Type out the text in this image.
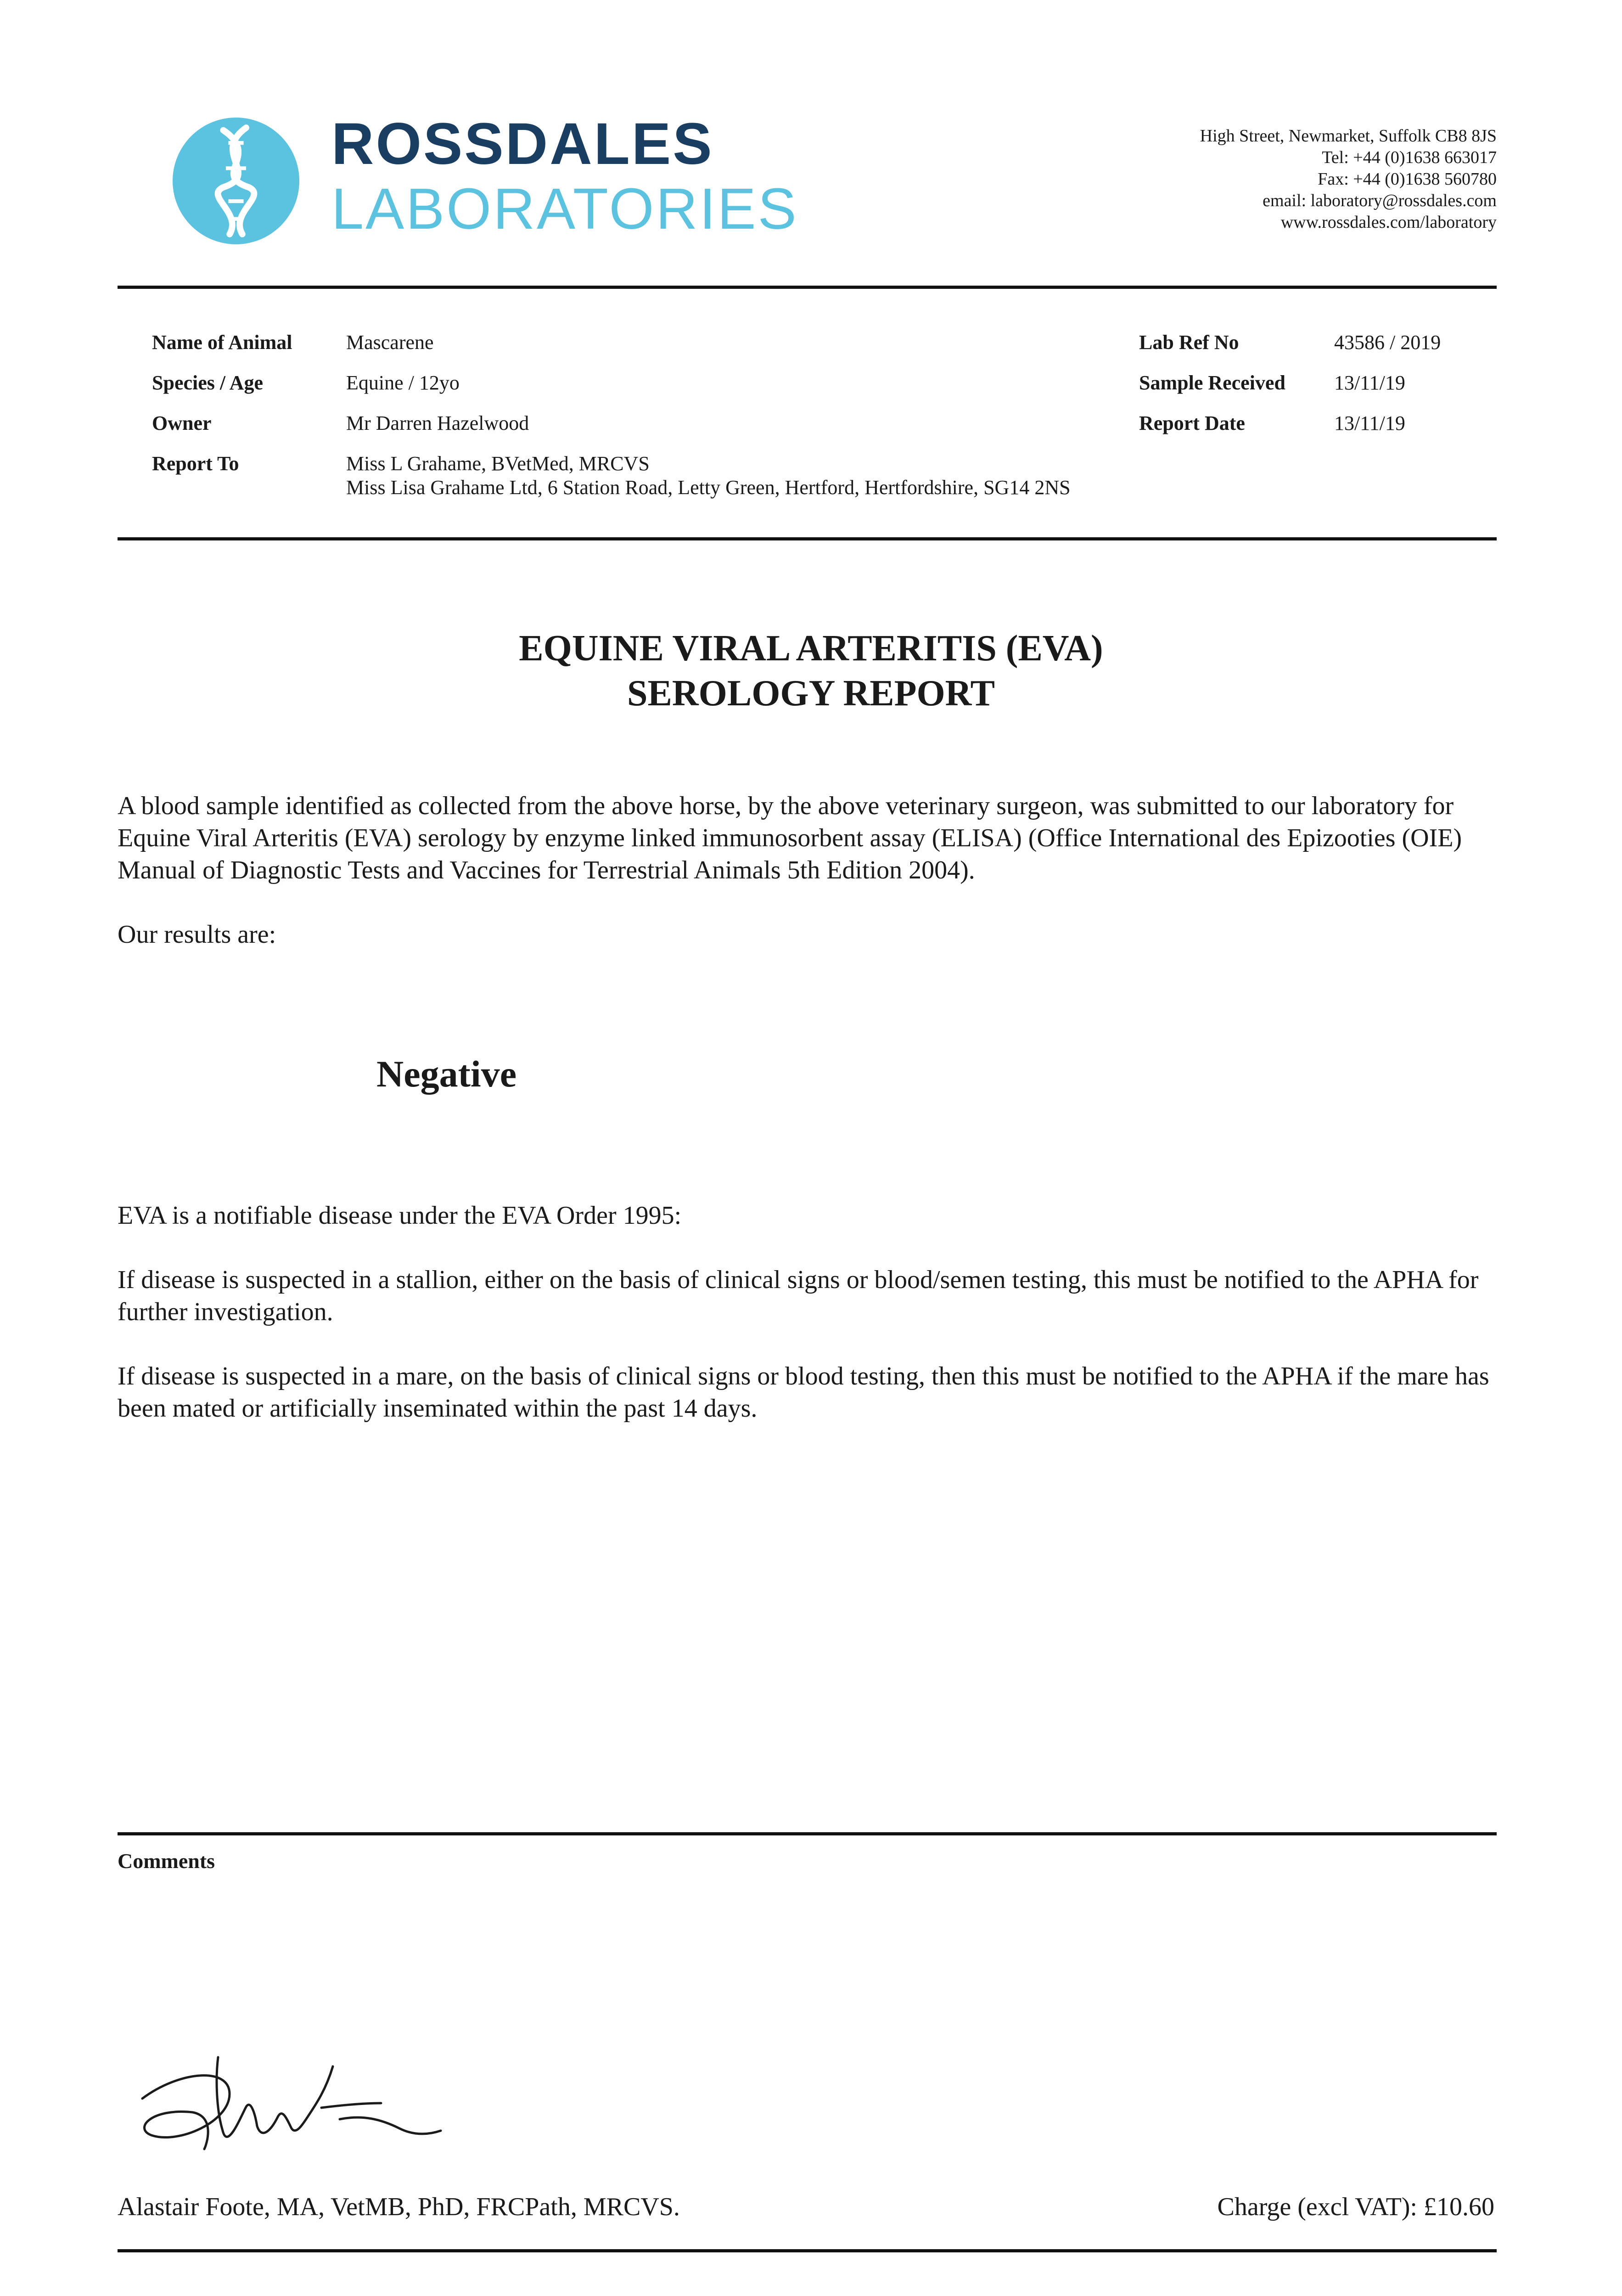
ROSSDALES
LABORATORIES
High Street, Newmarket, Suffolk CB8 8JS
Tel: +44 (0)1638 663017
Fax: +44 (0)1638 560780
email: laboratory@rossdales.com
www.rossdales.com/laboratory
Name of Animal	Mascarene
Species / Age	Equine / 12yo
Owner	Mr Darren Hazelwood
Report To	Miss L Grahame, BVetMed, MRCVS
Miss Lisa Grahame Ltd, 6 Station Road, Letty Green, Hertford, Hertfordshire, SG14 2NS
Lab Ref No	43586 / 2019
Sample Received 13/11/19
Report Date	13/11/19
EQUINE VIRAL ARTERITIS (EVA)
SEROLOGY REPORT
A blood sample identified as collected from the above horse, by the above veterinary surgeon, was submitted to our laboratory for Equine Viral Arteritis (EVA) serology by enzyme linked immunosorbent assay (ELISA) (Office International des Epizooties (OIE) Manual of Diagnostic Tests and Vaccines for Terrestrial Animals 5th Edition 2004).
Our results are:
Negative
EVA is a notifiable disease under the EVA Order 1995:
If disease is suspected in a stallion, either on the basis of clinical signs or blood/semen testing, this must be notified to the APHA for further investigation.
If disease is suspected in a mare, on the basis of clinical signs or blood testing, then this must be notified to the APHA if the mare has been mated or artificially inseminated within the past 14 days.
Comments
Alastair Foote, MA, VetMB, PhD, FRCPath, MRCVS.	Charge (excl VAT): £10.60
